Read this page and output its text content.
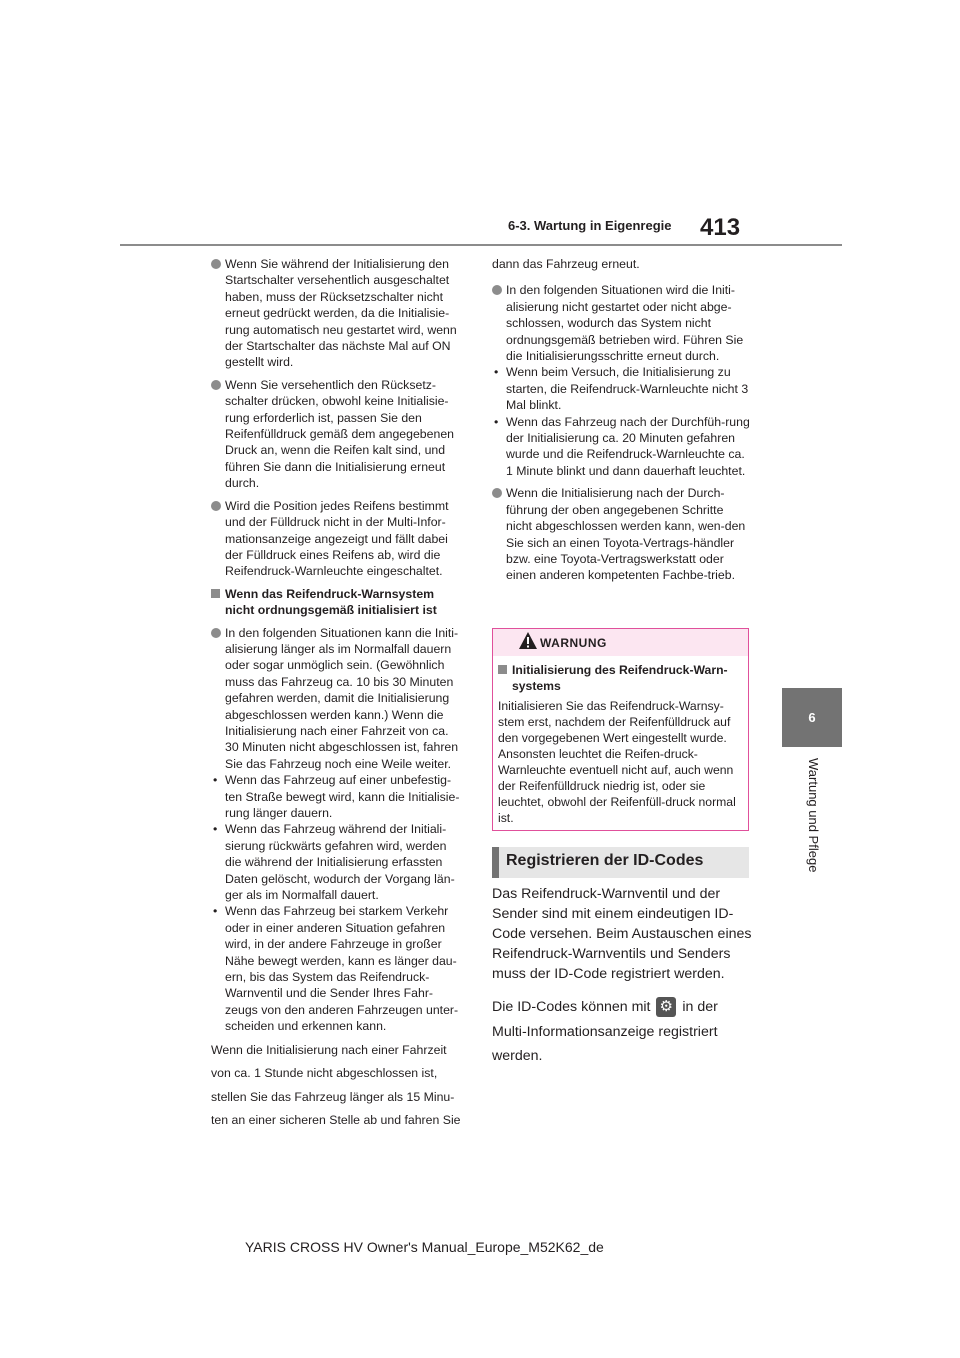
6-3. Wartung in Eigenregie 413
6
Wartung und Pflege

Wenn Sie während der Initialisierung den Startschalter versehentlich ausgeschaltet haben, muss der Rücksetzschalter nicht erneut gedrückt werden, da die Initialisie-rung automatisch neu gestartet wird, wenn der Startschalter das nächste Mal auf ON gestellt wird.

Wenn Sie versehentlich den Rücksetz-schalter drücken, obwohl keine Initialisie-rung erforderlich ist, passen Sie den Reifenfülldruck gemäß dem angegebenen Druck an, wenn die Reifen kalt sind, und führen Sie dann die Initialisierung erneut durch.

Wird die Position jedes Reifens bestimmt und der Fülldruck nicht in der Multi-Infor-mationsanzeige angezeigt und fällt dabei der Fülldruck eines Reifens ab, wird die Reifendruck-Warnleuchte eingeschaltet.

Wenn das Reifendruck-Warnsystem nicht ordnungsgemäß initialisiert ist

In den folgenden Situationen kann die Initi-alisierung länger als im Normalfall dauern oder sogar unmöglich sein. (Gewöhnlich muss das Fahrzeug ca. 10 bis 30 Minuten gefahren werden, damit die Initialisierung abgeschlossen werden kann.) Wenn die Initialisierung nach einer Fahrzeit von ca. 30 Minuten nicht abgeschlossen ist, fahren Sie das Fahrzeug noch eine Weile weiter.

• Wenn das Fahrzeug auf einer unbefestig-ten Straße bewegt wird, kann die Initialisie-rung länger dauern.

• Wenn das Fahrzeug während der Initiali-sierung rückwärts gefahren wird, werden die während der Initialisierung erfassten Daten gelöscht, wodurch der Vorgang län-ger als im Normalfall dauert.

• Wenn das Fahrzeug bei starkem Verkehr oder in einer anderen Situation gefahren wird, in der andere Fahrzeuge in großer Nähe bewegt werden, kann es länger dau-ern, bis das System das Reifendruck-Warnventil und die Sender Ihres Fahr-zeugs von den anderen Fahrzeugen unter-scheiden und erkennen kann.

Wenn die Initialisierung nach einer Fahrzeit

von ca. 1 Stunde nicht abgeschlossen ist,

stellen Sie das Fahrzeug länger als 15 Minu-

ten an einer sicheren Stelle ab und fahren Sie

dann das Fahrzeug erneut.

In den folgenden Situationen wird die Initi-alisierung nicht gestartet oder nicht abge-schlossen, wodurch das System nicht ordnungsgemäß betrieben wird. Führen Sie die Initialisierungsschritte erneut durch.

• Wenn beim Versuch, die Initialisierung zu starten, die Reifendruck-Warnleuchte nicht 3 Mal blinkt.

• Wenn das Fahrzeug nach der Durchfüh-rung der Initialisierung ca. 20 Minuten gefahren wurde und die Reifendruck-Warnleuchte ca. 1 Minute blinkt und dann dauerhaft leuchtet.

Wenn die Initialisierung nach der Durch-führung der oben angegebenen Schritte nicht abgeschlossen werden kann, wen-den Sie sich an einen Toyota-Vertrags-händler bzw. eine Toyota-Vertragswerkstatt oder einen anderen kompetenten Fachbe-trieb.

WARNUNG

Initialisierung des Reifendruck-Warn-systems

Initialisieren Sie das Reifendruck-Warnsy-stem erst, nachdem der Reifenfülldruck auf den vorgegebenen Wert eingestellt wurde. Ansonsten leuchtet die Reifen-druck-Warnleuchte eventuell nicht auf, auch wenn der Reifenfülldruck niedrig ist, oder sie leuchtet, obwohl der Reifenfüll-druck normal ist.

Registrieren der ID-Codes

Das Reifendruck-Warnventil und der Sender sind mit einem eindeutigen ID-Code versehen. Beim Austauschen eines Reifendruck-Warnventils und Senders muss der ID-Code registriert werden.

Die ID-Codes können mit ⚙ in der

Multi-Informationsanzeige registriert werden.

YARIS CROSS HV Owner's Manual_Europe_M52K62_de
